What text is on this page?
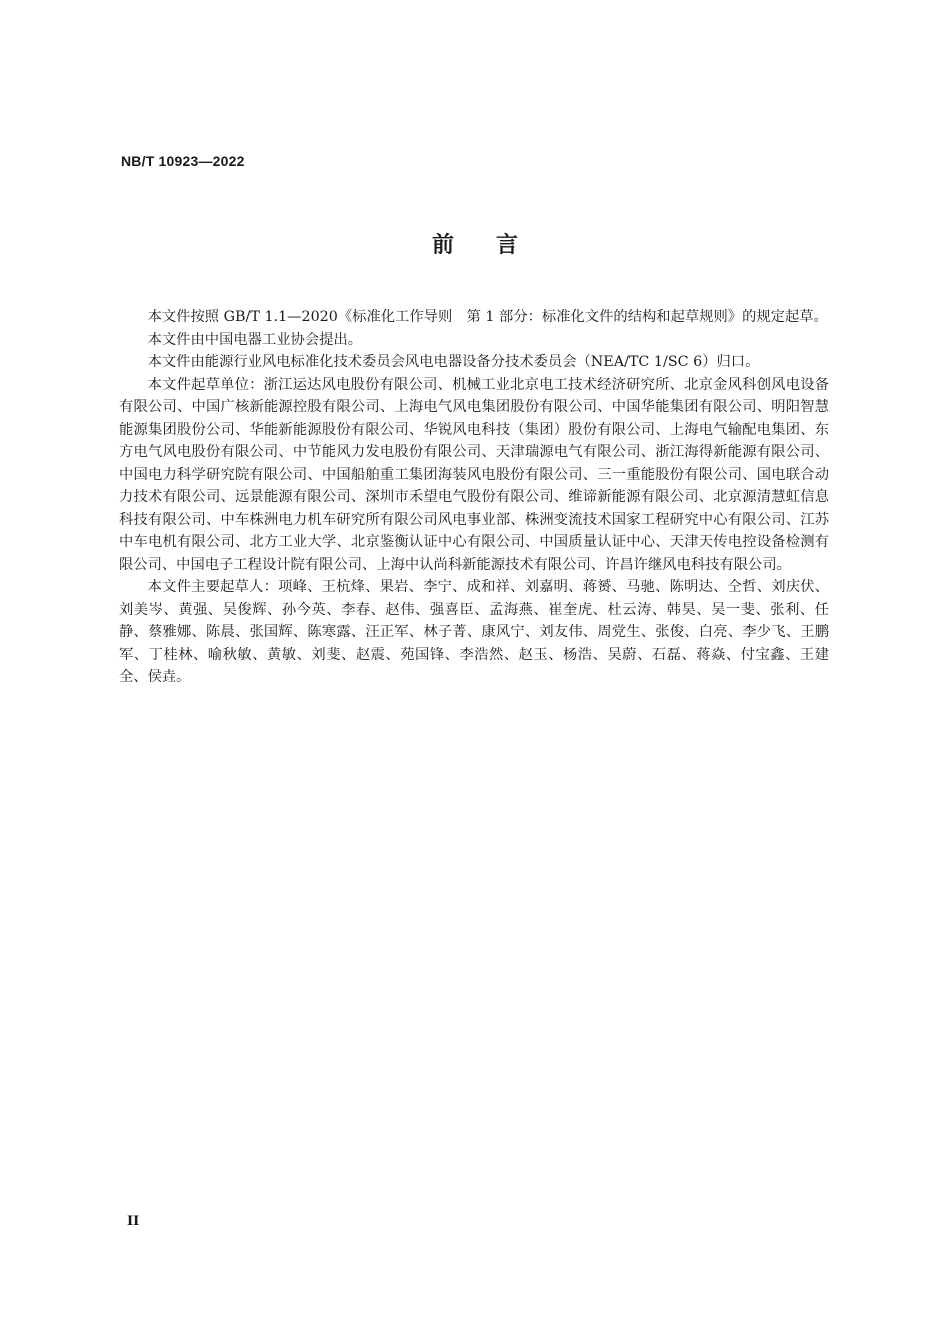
NB/T 10923—2022
前言

本文件按照 GB/T 1.1—2020《标准化工作导则　第 1 部分：标准化文件的结构和起草规则》的规定起草。

本文件由中国电器工业协会提出。

本文件由能源行业风电标准化技术委员会风电电器设备分技术委员会（NEA/TC 1/SC 6）归口。

本文件起草单位：浙江运达风电股份有限公司、机械工业北京电工技术经济研究所、北京金风科创风电设备有限公司、中国广核新能源控股有限公司、上海电气风电集团股份有限公司、中国华能集团有限公司、明阳智慧能源集团股份公司、华能新能源股份有限公司、华锐风电科技（集团）股份有限公司、上海电气输配电集团、东方电气风电股份有限公司、中节能风力发电股份有限公司、天津瑞源电气有限公司、浙江海得新能源有限公司、中国电力科学研究院有限公司、中国船舶重工集团海装风电股份有限公司、三一重能股份有限公司、国电联合动力技术有限公司、远景能源有限公司、深圳市禾望电气股份有限公司、维谛新能源有限公司、北京源清慧虹信息科技有限公司、中车株洲电力机车研究所有限公司风电事业部、株洲变流技术国家工程研究中心有限公司、江苏中车电机有限公司、北方工业大学、北京鉴衡认证中心有限公司、中国质量认证中心、天津天传电控设备检测有限公司、中国电子工程设计院有限公司、上海中认尚科新能源技术有限公司、许昌许继风电科技有限公司。

本文件主要起草人：项峰、王杭烽、果岩、李宁、成和祥、刘嘉明、蒋赟、马驰、陈明达、仝哲、刘庆伏、刘美岑、黄强、吴俊辉、孙今英、李春、赵伟、强喜臣、孟海燕、崔奎虎、杜云涛、韩昊、吴一斐、张利、任静、蔡雅娜、陈晨、张国辉、陈寒露、汪正军、林子菁、康风宁、刘友伟、周党生、张俊、白亮、李少飞、王鹏军、丁桂林、喻秋敏、黄敏、刘斐、赵震、苑国锋、李浩然、赵玉、杨浩、吴蔚、石磊、蒋焱、付宝鑫、王建全、侯垚。

II
